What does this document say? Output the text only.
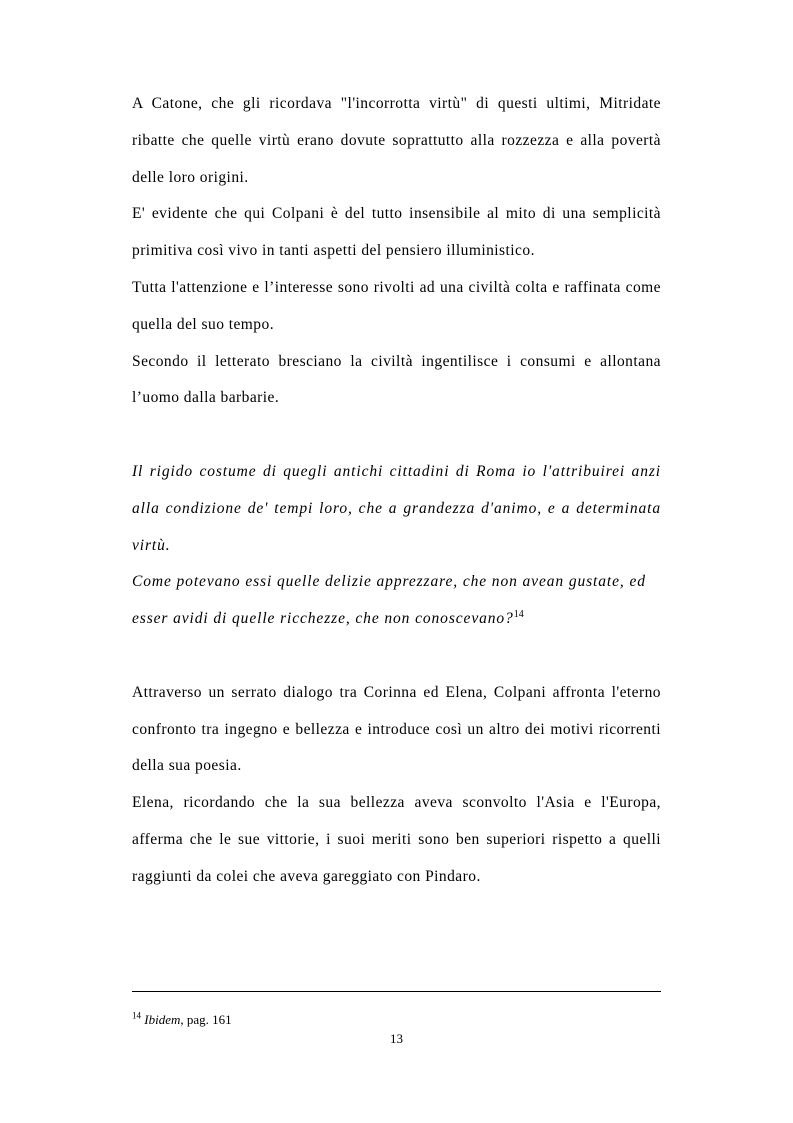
A Catone, che gli ricordava "l'incorrotta virtù" di questi ultimi, Mitridate ribatte che quelle virtù erano dovute soprattutto alla rozzezza e alla povertà delle loro origini.

E' evidente che qui Colpani è del tutto insensibile al mito di una semplicità primitiva così vivo in tanti aspetti del pensiero illuministico.

Tutta l'attenzione e l’interesse sono rivolti ad una civiltà colta e raffinata come quella del suo tempo.

Secondo il letterato bresciano la civiltà ingentilisce i consumi e allontana l’uomo dalla barbarie.

Il rigido costume di quegli antichi cittadini di Roma io l'attribuirei anzi alla condizione de' tempi loro, che a grandezza d'animo, e a determinata virtù.

Come potevano essi quelle delizie apprezzare, che non avean gustate, ed esser avidi di quelle ricchezze, che non conoscevano?$^{14}$

Attraverso un serrato dialogo tra Corinna ed Elena, Colpani affronta l'eterno confronto tra ingegno e bellezza e introduce così un altro dei motivi ricorrenti della sua poesia.

Elena, ricordando che la sua bellezza aveva sconvolto l'Asia e l'Europa, afferma che le sue vittorie, i suoi meriti sono ben superiori rispetto a quelli raggiunti da colei che aveva gareggiato con Pindaro.

$^{14}$ Ibidem, pag. 161

13
